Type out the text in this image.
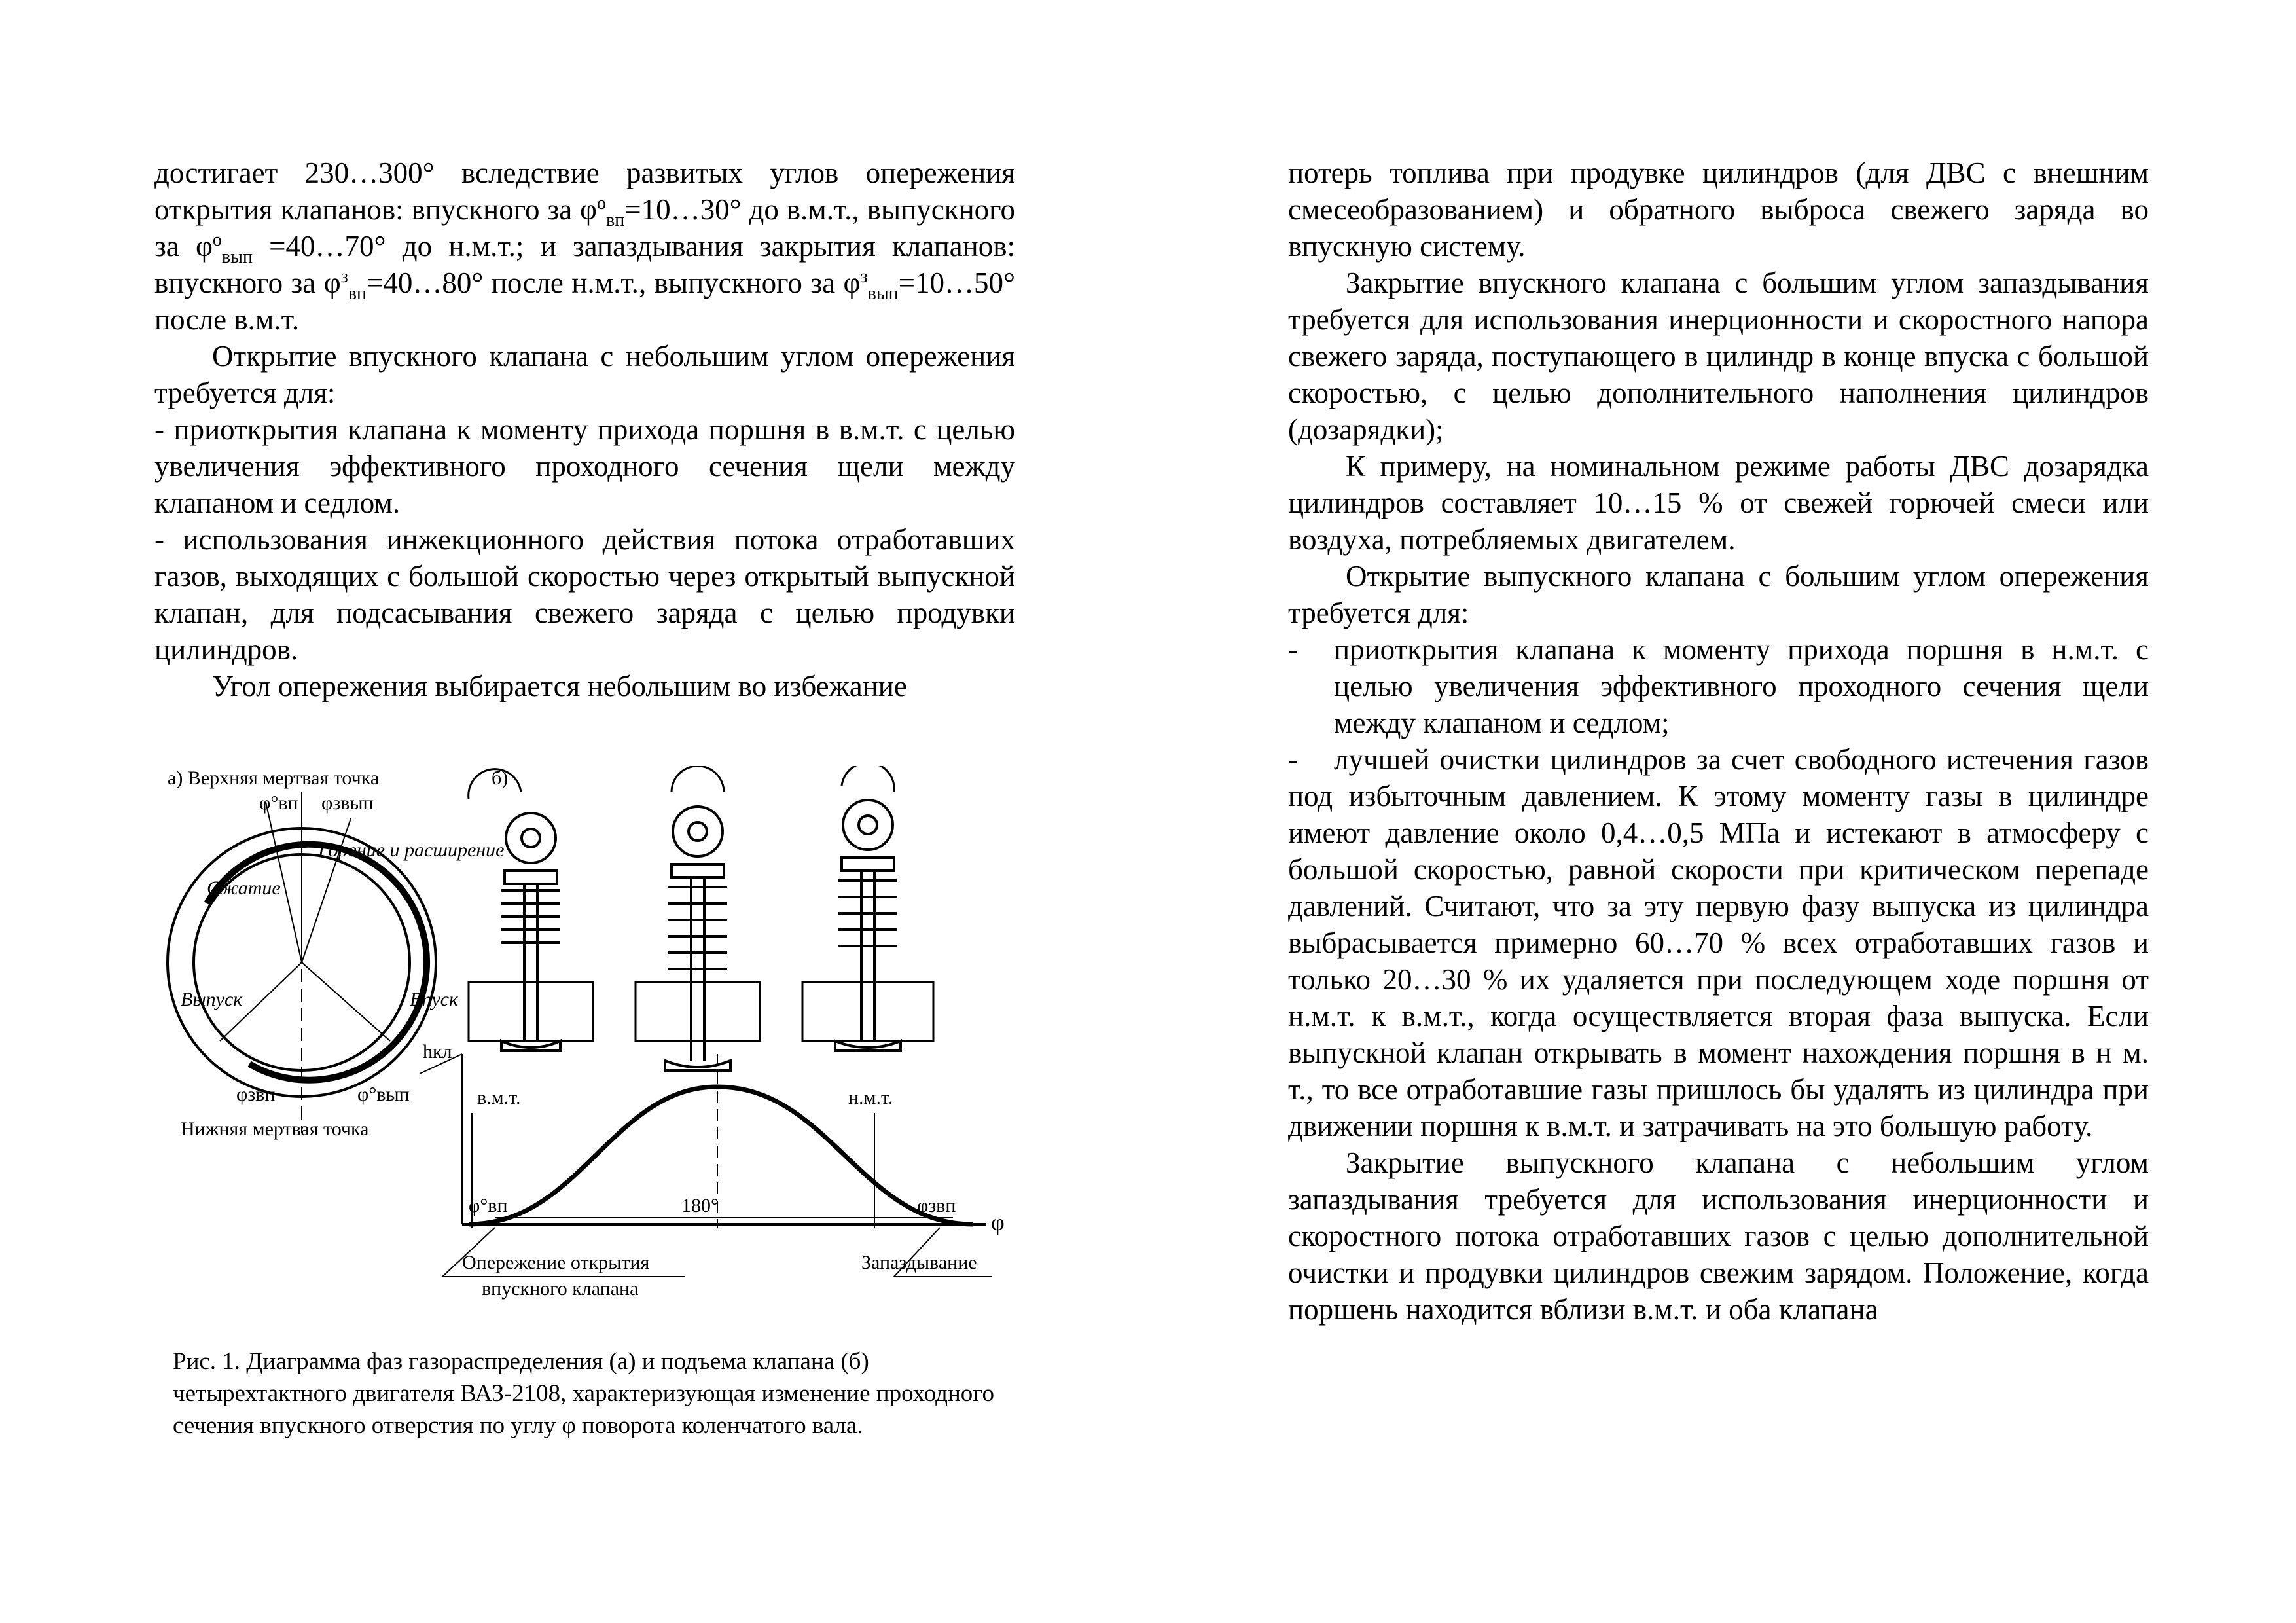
достигает 230…300° вследствие развитых углов опережения открытия клапанов: впускного за $\varphi^о_{вп}=10\dots 30^\circ$ до в.м.т., выпускного за $\varphi^о_{вып}$ =40…70° до н.м.т.; и запаздывания закрытия клапанов: впускного за $\varphi^з_{вп}=40\dots 80^\circ$ после н.м.т., выпускного за $\varphi^з_{вып}=10\dots 50^\circ$ после в.м.т.

Открытие впускного клапана с небольшим углом опережения требуется для:

- приоткрытия клапана к моменту прихода поршня в в.м.т. с целью увеличения эффективного проходного сечения щели между клапаном и седлом.

- использования инжекционного действия потока отработавших газов, выходящих с большой скоростью через открытый выпускной клапан, для подсасывания свежего заряда с целью продувки цилиндров.

Угол опережения выбирается небольшим во избежание

а) Верхняя мертвая точка	б)
φ°вп φзвып
φзвп	φ°вып
Горение и расширение
Сжатие
Впуск
Выпуск
Нижняя мертвая точка
hкл
в.м.т.	н.м.т.
φ°вп	φзвп
180°
φ
Опережение открытия
впускного клапана
Запаздывание

Рис. 1. Диаграмма фаз газораспределения (а) и подъема клапана (б) четырехтактного двигателя ВАЗ-2108, характеризующая изменение проходного сечения впускного отверстия по углу φ поворота коленчатого вала.

потерь топлива при продувке цилиндров (для ДВС с внешним смесеобразованием) и обратного выброса свежего заряда во впускную систему.

Закрытие впускного клапана с большим углом запаздывания требуется для использования инерционности и скоростного напора свежего заряда, поступающего в цилиндр в конце впуска с большой скоростью, с целью дополнительного наполнения цилиндров (дозарядки);

К примеру, на номинальном режиме работы ДВС дозарядка цилиндров составляет 10…15 % от свежей горючей смеси или воздуха, потребляемых двигателем.

Открытие выпускного клапана с большим углом опережения требуется для:

-	приоткрытия клапана к моменту прихода поршня в н.м.т. с целью увеличения эффективного проходного сечения щели между клапаном и седлом;

- лучшей очистки цилиндров за счет свободного истечения газов под избыточным давлением. К этому моменту газы в цилиндре имеют давление около 0,4…0,5 МПа и истекают в атмосферу с большой скоростью, равной скорости при критическом перепаде давлений. Считают, что за эту первую фазу выпуска из цилиндра выбрасывается примерно 60…70 % всех отработавших газов и только 20…30 % их удаляется при последующем ходе поршня от н.м.т. к в.м.т., когда осуществляется вторая фаза выпуска. Если выпускной клапан открывать в момент нахождения поршня в н м. т., то все отработавшие газы пришлось бы удалять из цилиндра при движении поршня к в.м.т. и затрачивать на это большую работу.

Закрытие выпускного клапана с небольшим углом запаздывания требуется для использования инерционности и скоростного потока отработавших газов с целью дополнительной очистки и продувки цилиндров свежим зарядом. Положение, когда поршень находится вблизи в.м.т. и оба клапана
